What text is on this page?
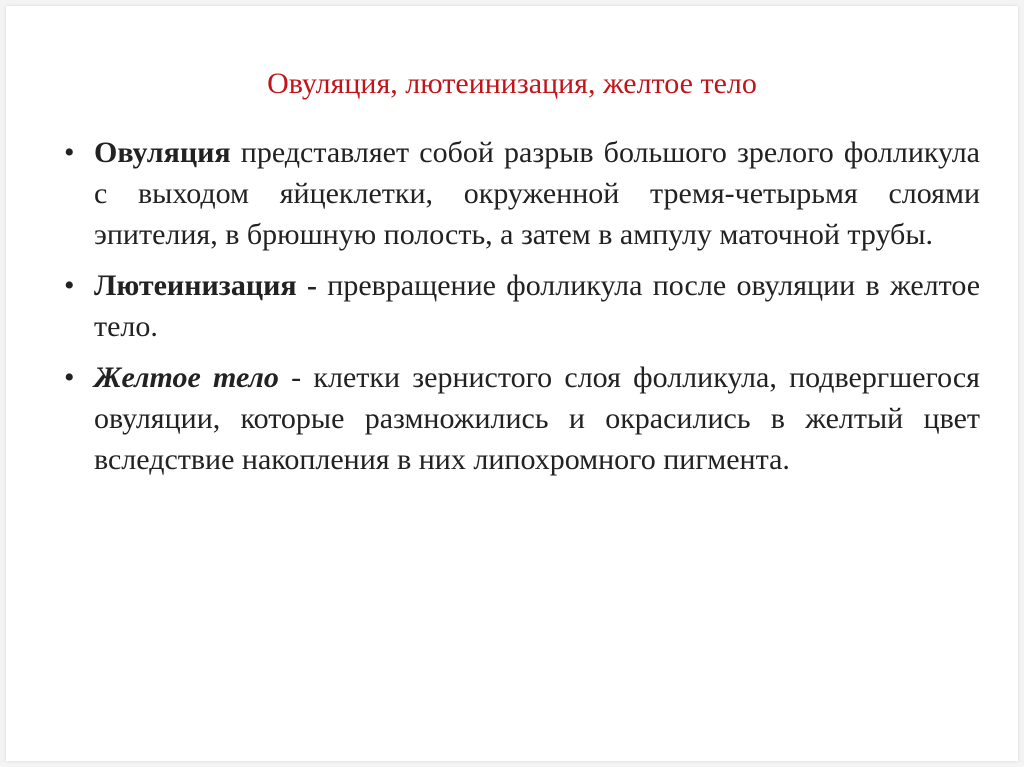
Овуляция, лютеинизация, желтое тело
• Овуляция представляет собой разрыв большого зрелого фолликула с выходом яйцеклетки, окруженной тремя-четырьмя слоями эпителия, в брюшную полость, а затем в ампулу маточной трубы.
• Лютеинизация - превращение фолликула после овуляции в желтое тело.
• Желтое тело - клетки зернистого слоя фолликула, подвергшегося овуляции, которые размножились и окрасились в желтый цвет вследствие накопления в них липохромного пигмента.
